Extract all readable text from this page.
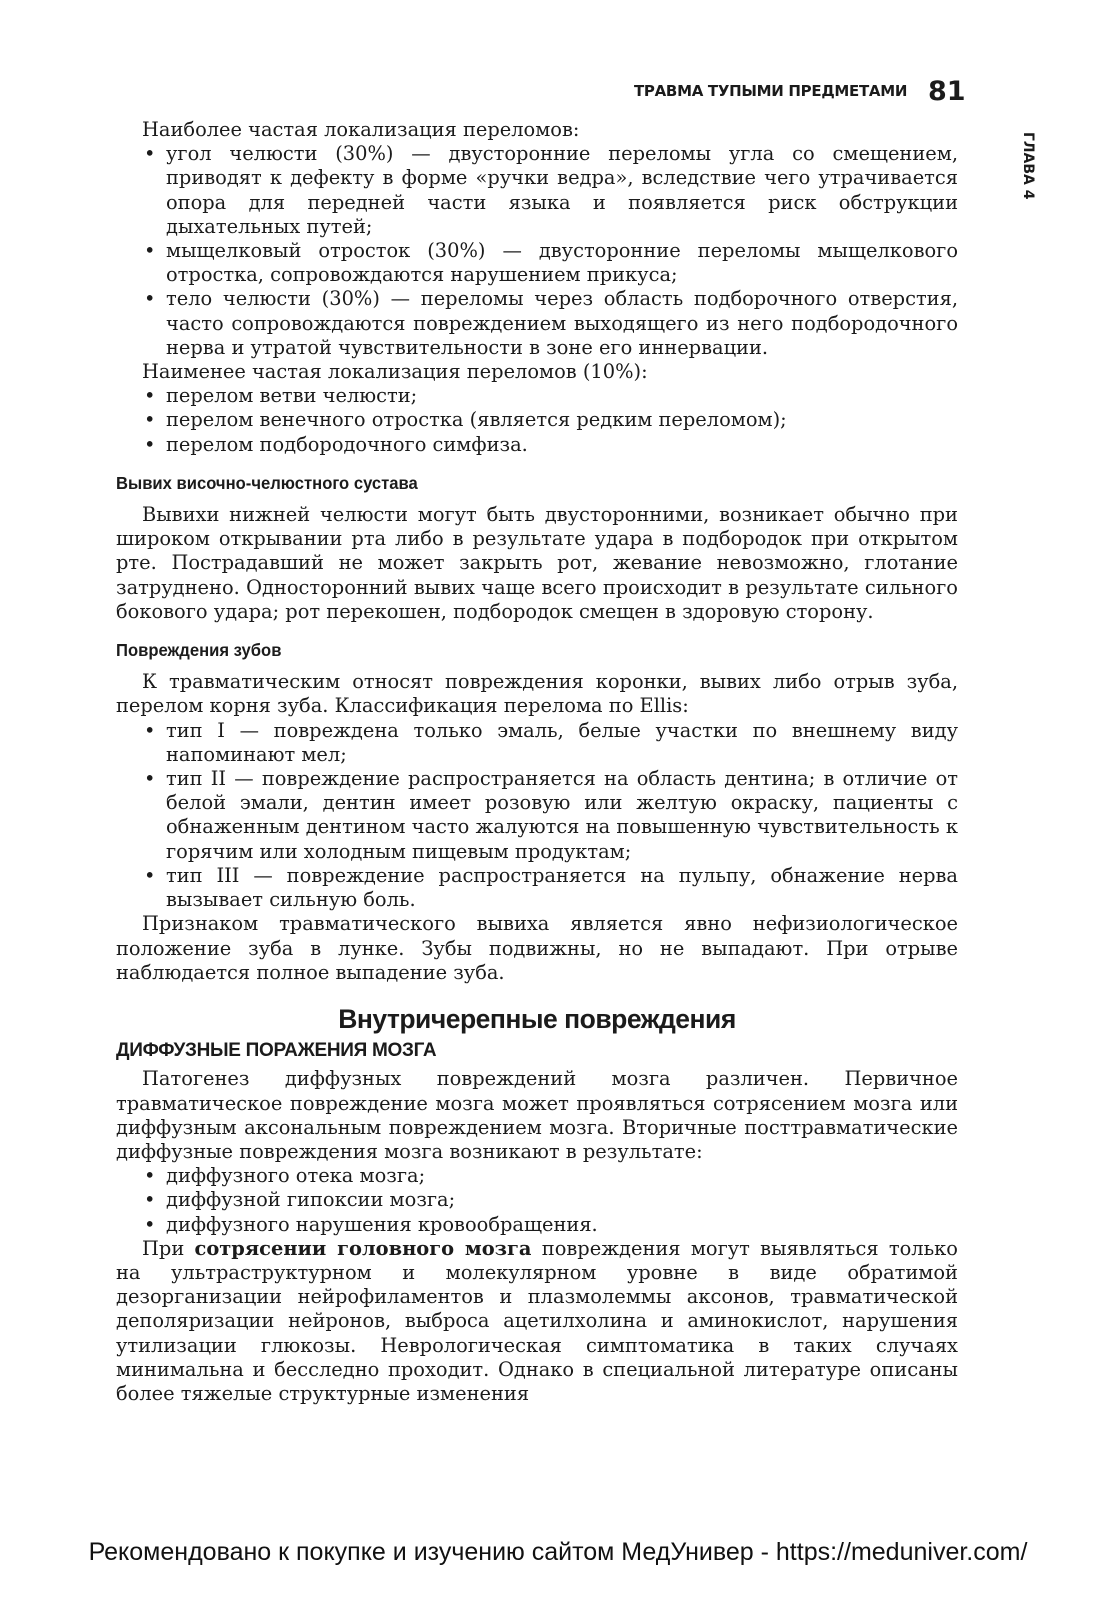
ТРАВМА ТУПЫМИ ПРЕДМЕТАМИ 81
ГЛАВА 4

Наиболее частая локализация переломов:

• угол челюсти (30%) — двусторонние переломы угла со смещением, приводят к дефекту в форме «ручки ведра», вследствие чего утрачивается опора для передней части языка и появляется риск обструкции дыхательных путей;
• мыщелковый отросток (30%) — двусторонние переломы мыщелкового отростка, сопровождаются нарушением прикуса;
• тело челюсти (30%) — переломы через область подборочного отверстия, часто сопровождаются повреждением выходящего из него подбородочного нерва и утратой чувствительности в зоне его иннервации.

Наименее частая локализация переломов (10%):

• перелом ветви челюсти;
• перелом венечного отростка (является редким переломом);
• перелом подбородочного симфиза.
Вывих височно-челюстного сустава

Вывихи нижней челюсти могут быть двусторонними, возникает обычно при широком открывании рта либо в результате удара в подбородок при открытом рте. Пострадавший не может закрыть рот, жевание невозможно, глотание затруднено. Односторонний вывих чаще всего происходит в результате сильного бокового удара; рот перекошен, подбородок смещен в здоровую сторону.

Повреждения зубов

К травматическим относят повреждения коронки, вывих либо отрыв зуба, перелом корня зуба. Классификация перелома по Ellis:

• тип I — повреждена только эмаль, белые участки по внешнему виду напоминают мел;
• тип II — повреждение распространяется на область дентина; в отличие от белой эмали, дентин имеет розовую или желтую окраску, пациенты с обнаженным дентином часто жалуются на повышенную чувствительность к горячим или холодным пищевым продуктам;
• тип III — повреждение распространяется на пульпу, обнажение нерва вызывает сильную боль.

Признаком травматического вывиха является явно нефизиологическое положение зуба в лунке. Зубы подвижны, но не выпадают. При отрыве наблюдается полное выпадение зуба.

Внутричерепные повреждения
ДИФФУЗНЫЕ ПОРАЖЕНИЯ МОЗГА

Патогенез диффузных повреждений мозга различен. Первичное травматическое повреждение мозга может проявляться сотрясением мозга или диффузным аксональным повреждением мозга. Вторичные посттравматические диффузные повреждения мозга возникают в результате:

• диффузного отека мозга;
• диффузной гипоксии мозга;
• диффузного нарушения кровообращения.

При сотрясении головного мозга повреждения могут выявляться только на ультраструктурном и молекулярном уровне в виде обратимой дезорганизации нейрофиламентов и плазмолеммы аксонов, травматической деполяризации нейронов, выброса ацетилхолина и аминокислот, нарушения утилизации глюкозы. Неврологическая симптоматика в таких случаях минимальна и бесследно проходит. Однако в специальной литературе описаны более тяжелые структурные изменения

Рекомендовано к покупке и изучению сайтом МедУнивер - https://meduniver.com/
